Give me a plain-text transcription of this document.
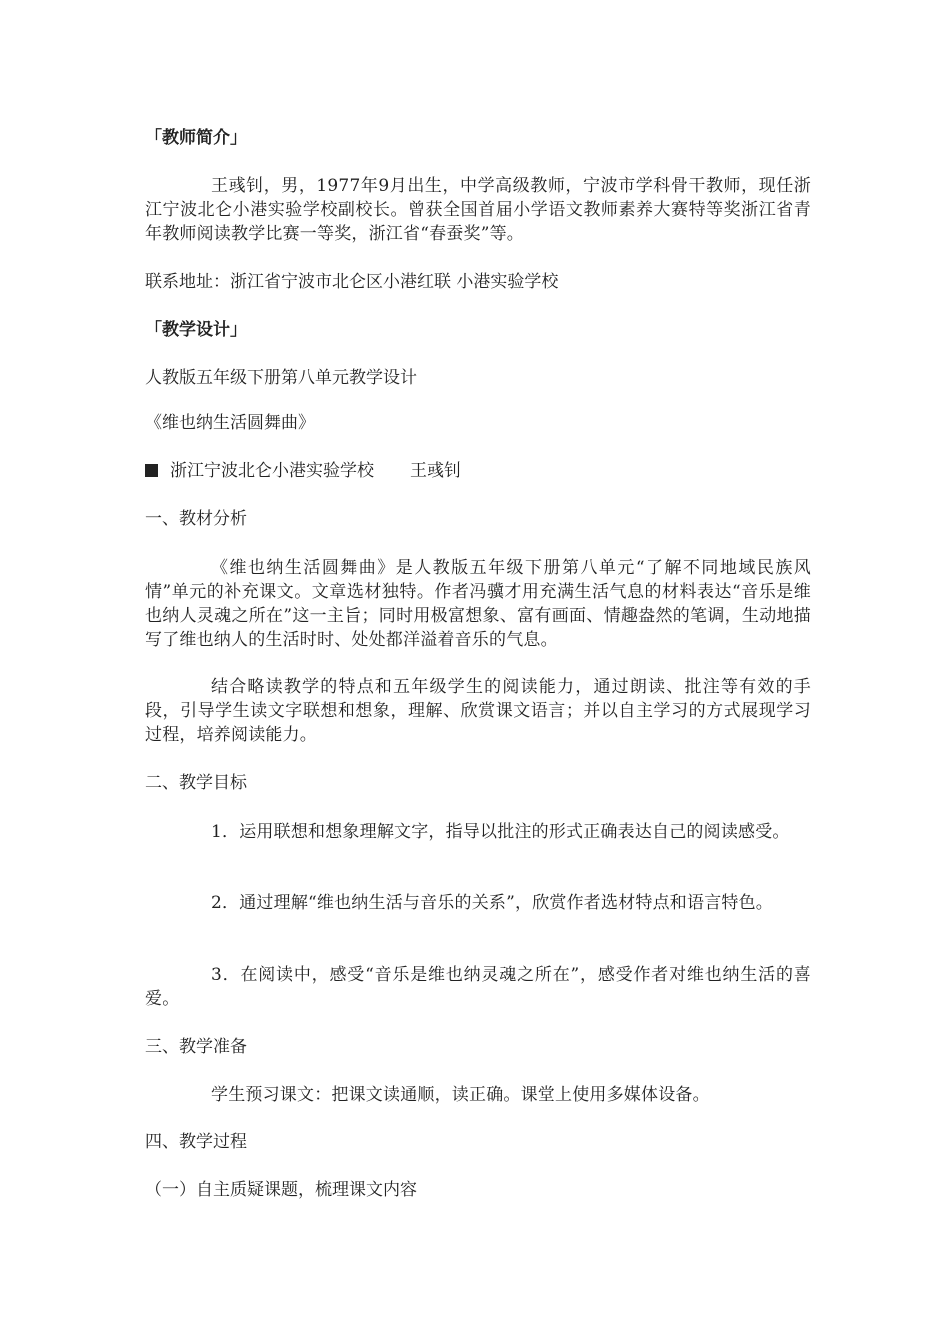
「教师简介」
王彧钊，男，1977年9月出生，中学高级教师，宁波市学科骨干教师，现任浙江宁波北仑小港实验学校副校长。曾获全国首届小学语文教师素养大赛特等奖浙江省青年教师阅读教学比赛一等奖，浙江省“春蚕奖”等。
联系地址：浙江省宁波市北仑区小港红联 小港实验学校
「教学设计」
人教版五年级下册第八单元教学设计
《维也纳生活圆舞曲》
浙江宁波北仑小港实验学校 王彧钊
一、教材分析
《维也纳生活圆舞曲》是人教版五年级下册第八单元“了解不同地域民族风情”单元的补充课文。文章选材独特。作者冯骥才用充满生活气息的材料表达“音乐是维也纳人灵魂之所在”这一主旨；同时用极富想象、富有画面、情趣盎然的笔调，生动地描写了维也纳人的生活时时、处处都洋溢着音乐的气息。
结合略读教学的特点和五年级学生的阅读能力，通过朗读、批注等有效的手段，引导学生读文字联想和想象，理解、欣赏课文语言；并以自主学习的方式展现学习过程，培养阅读能力。
二、教学目标
1．运用联想和想象理解文字，指导以批注的形式正确表达自己的阅读感受。
2．通过理解“维也纳生活与音乐的关系”，欣赏作者选材特点和语言特色。
3．在阅读中，感受“音乐是维也纳灵魂之所在”，感受作者对维也纳生活的喜爱。
三、教学准备
学生预习课文：把课文读通顺，读正确。课堂上使用多媒体设备。
四、教学过程
（一）自主质疑课题，梳理课文内容
